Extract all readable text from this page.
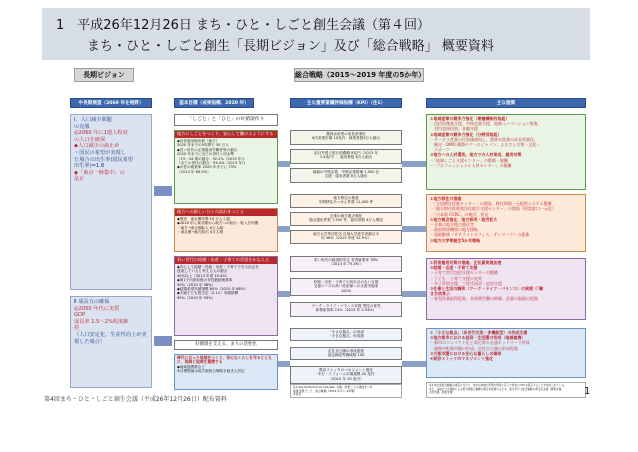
1　平成26年12月26日 まち・ひと・しごと創生会議（第４回）
まち・ひと・しごと創生「長期ビジョン」及び「総合戦略」 概要資料
長期ビジョン	総合戦略（2015～2019 年度の5か年）
中長期展望（2060 年を視野）	基本目標（成果指標、2020 年）	主な重要業績評価指標（KPI）（注1）	主な施策
Ⅰ．人口減少問題
の克服
◎2060 年に1億人程度
の人口を確保
◆人口減少の歯止め
・国民の希望が実現し
た場合の出生率(国民希望
出生率)=1.8
◆「東京一極集中」の
是正
Ⅱ 成長力の確保
◎2050 年代に実質
GDP
成長率 1.5～2%程度維
持
（人口安定化、生産性向上が実
現した場合）
「しごと」と「ひと」の好循環作り
地方にしごとをつくり、安心して働けるようにする
◆若者雇用創出数（地方）
2020 年までの5年間で 30 万人
◆若い世代の正規雇用労働者等の割合
2020 年までに全ての世代と同水準
（15～34 歳の割合：92.2%（2013 年）)
（全ての世代の割合：93.4%（2013 年）)
◆女性の就業率 2020 年までに 73%
（2013 年 69.5%）
地方への新しいひとの流れをつくる
◆現状：東京圏年間 10 万人入超
◆2020 年に東京圏から地方への転出・転入を均衡
・地方→東京圏転入 6万人減
・東京圏→地方転出 4万人増
若い世代の結婚・出産・子育ての希望をかなえる
◆安心して結婚・妊娠・出産・子育てできる社会を
達成していると考える人の割合
40%以上（2013 年度 19.4%）
◆第1子出産前後の女性継続就業率
55%（2010 年 38%）
◆結婚希望実績指標 80%（2010 年 68%）
◆夫婦子ども数予定（2.12）実績指標
95%（2010 年 93%）
好循環を支える、まちの活性化
時代に合った地域をつくり、安心なくらしを守るとともに、地域と地域を連携する
◆地域連携数など
※目標数値は地方版総合戦略を踏まえ設定
農林水産業の成長産業化
6次産業市場 10兆円：就業者数5万人創出
訪日外国人旅行消費額 8兆円（2013 年
1.4兆円）：雇用者数 8万人創出
地域の中核企業、中核企業候補 1,000 社
支援：雇用者数 8万人創出
地方移住の推進
年間移住あっせん件数 11,000 件
企業の地方拠点強化
拠点強化件数 7,500 件、雇用者数 4万人増加
地方大学等活性化 自県大学進学者割合平
均 36%（2013 年度 32.9%）
若い世代の経済的安定 若者就業率 78%
（2013 年 75.4%）
妊娠・出産・子育ての切れ目のない支援
支援ニーズの高い妊産婦への支援実施率
100%
ワーク・ライフ・バランス実現 男性の育児
休業取得率 13%（2013 年 2.03%）
「小さな拠点」の形成
「小さな拠点」形成数
定住自立圏の形成促進
協定締結等圏域数 140
既存ストックのマネジメント強化
中古・リフォーム市場規模 20 兆円
（2010 年 10 兆円）
①地域産業の競争力強化（業種横断的取組）
・包括的創業支援、中核企業支援、地域イノベーション推進、
　対内直接投資、金融支援
②地域産業の競争力強化（分野別取組）
・サービス産業の付加価値向上、農林水産業の成長産業化、
　観光・DMO 構築やクールジャパン、ふるさと名物・文化・
　スポーツ
③地方への人材還流、地方での人材育成、雇用対策
・「地域しごと支援センター」の整備・稼働
・「プロフェッショナル人材センター」の稼働
①地方移住の推進
・「全国移住促進センター」の開設、移住情報一元提供システム整備
・「地方移住推進集団化総合支援センター」の開設（相談窓口一元化）
・「日本版 CCRC」の検討、普及
②地方拠点強化、地方採用・就労拡大
・企業の地方拠点強化等
・政府関係機関の地方移転
・遠隔勤務（サテライトオフィス、テレワーク）の促進
③地方大学等創生5か年戦略
①若者雇用対策の推進、正社員実現加速
②結婚・出産・子育て支援
・子育て世代包括支援センターの整備
・子ども・子育て支援の充実
・多子世帯支援、三世代同居・近居支援
③仕事と生活の調和（ワーク・ライフ・バランス）の実現（「働
き方改革」）
・育児休業取得促進、長時間労働の抑制、企業の取組の促進
①「小さな拠点」（多世代交流・多機能型）の形成支援
②地方都市における経済・生活圏の形成（地域連携）
・都市のコンパクト化と周辺等の交通ネットワーク形成
・連携中枢都市圏の形成、定住自立圏の形成促進
③大都市圏における安心な暮らしの確保
④既存ストックのマネジメント強化
注1 Key Performance Indicator の略。政策ごとの達成すべき
成果目標として、総合戦略（2015 年から 5年間）
を設定
注2 地方版総合戦略の策定に当たり、地方は地域の実情や特色に応じた独自の KPI を設定することが求められている。
また、各地方公共団体による地方版総合戦略の策定を促進するため、地方が行う総合戦略の策定を支援（情報支援、
人的支援、財政支援）
第4回まち・ひと・しごと創生会議（平成26年12月26日）配布資料
1
